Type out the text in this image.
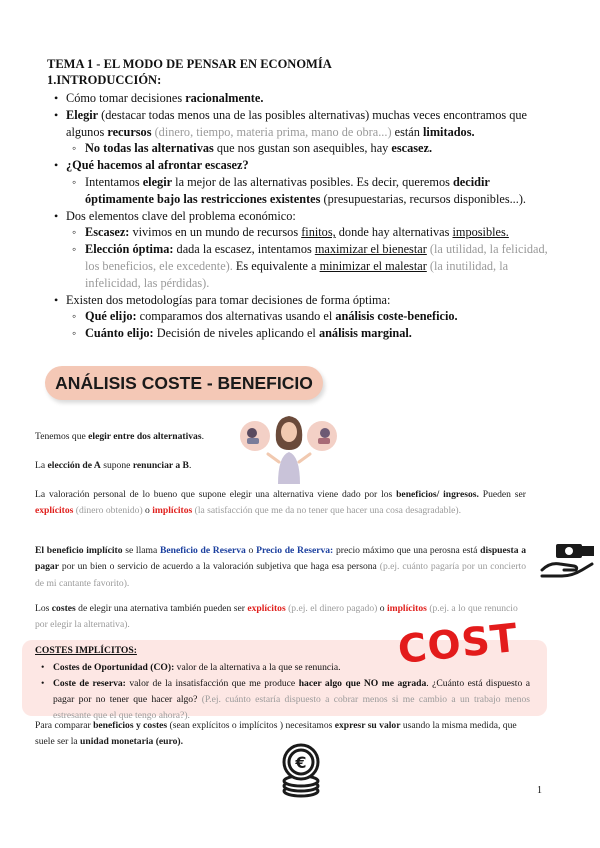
TEMA 1 - EL MODO DE PENSAR EN ECONOMÍA
1.INTRODUCCIÓN:
• Cómo tomar decisiones racionalmente.
• Elegir (destacar todas menos una de las posibles alternativas) muchas veces encontramos que algunos recursos (dinero, tiempo, materia prima, mano de obra...) están limitados.
◦ No todas las alternativas que nos gustan son asequibles, hay escasez.
• ¿Qué hacemos al afrontar escasez?
◦ Intentamos elegir la mejor de las alternativas posibles. Es decir, queremos decidir óptimamente bajo las restricciones existentes (presupuestarias, recursos disponibles...).
• Dos elementos clave del problema económico:
◦ Escasez: vivimos en un mundo de recursos finitos, donde hay alternativas imposibles.
◦ Elección óptima: dada la escasez, intentamos maximizar el bienestar (la utilidad, la felicidad, los beneficios, ele excedente). Es equivalente a minimizar el malestar (la inutilidad, la infelicidad, las pérdidas).
• Existen dos metodologías para tomar decisiones de forma óptima:
◦ Qué elijo: comparamos dos alternativas usando el análisis coste-beneficio.
◦ Cuánto elijo: Decisión de niveles aplicando el análisis marginal.
ANÁLISIS COSTE - BENEFICIO
Tenemos que elegir entre dos alternativas.
La elección de A supone renunciar a B.
La valoración personal de lo bueno que supone elegir una alternativa viene dado por los beneficios/ ingresos. Pueden ser explícitos (dinero obtenido) o implícitos (la satisfacción que me da no tener que hacer una cosa desagradable).
El beneficio implícito se llama Beneficio de Reserva o Precio de Reserva: precio máximo que una perosna está dispuesta a pagar por un bien o servicio de acuerdo a la valoración subjetiva que haga esa persona (p.ej. cuánto pagaría por un concierto de mi cantante favorito).
Los costes de elegir una aternativa también pueden ser explícitos (p.ej. el dinero pagado) o implícitos (p.ej. a lo que renuncio por elegir la alternativa).	COST
COSTES IMPLÍCITOS:
• Costes de Oportunidad (CO): valor de la alternativa a la que se renuncia.
• Coste de reserva: valor de la insatisfacción que me produce hacer algo que NO me agrada. ¿Cuánto está dispuesto a pagar por no tener que hacer algo? (P.ej. cuánto estaría dispuesto a cobrar menos si me cambio a un trabajo menos estresante que el que tengo ahora?).
Para comparar beneficios y costes (sean explícitos o implícitos ) necesitamos expresr su valor usando la misma medida, que suele ser la unidad monetaria (euro).
€
1
